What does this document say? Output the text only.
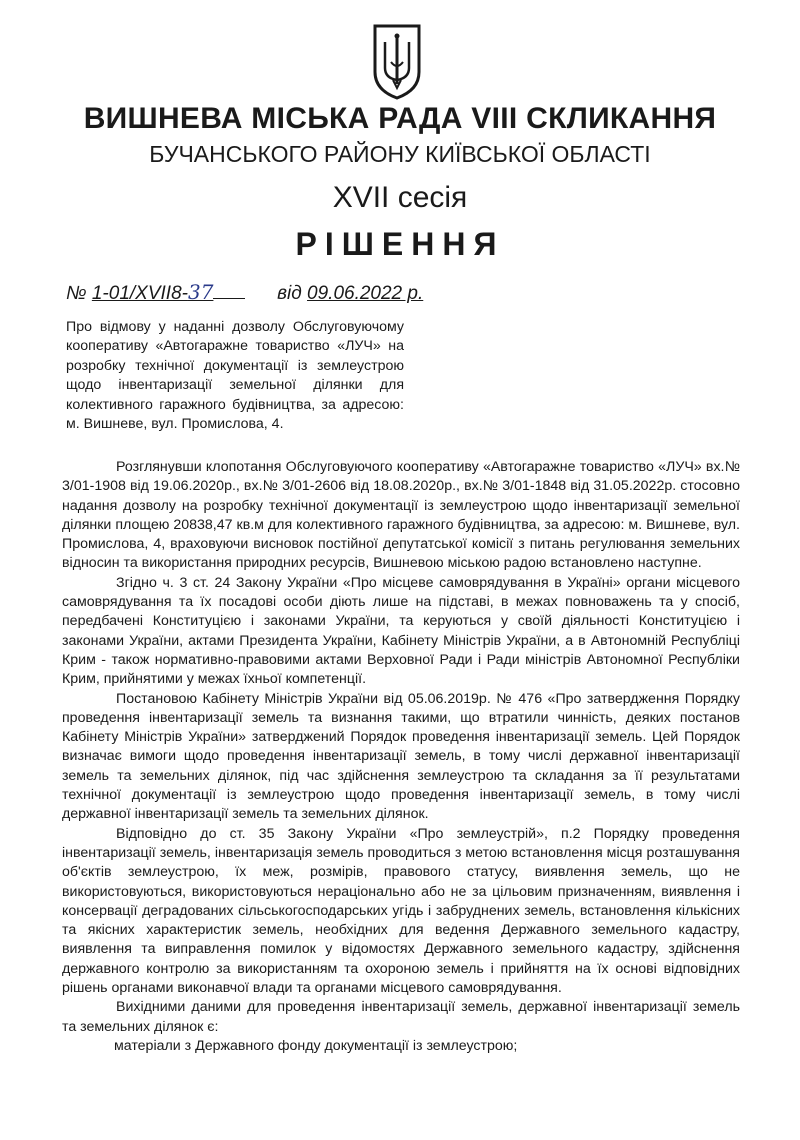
ВИШНЕВА МІСЬКА РАДА VIII СКЛИКАННЯ
БУЧАНСЬКОГО РАЙОНУ КИЇВСЬКОЇ ОБЛАСТІ
XVII сесія
РІШЕННЯ
№ 1-01/XVII8-37	від 09.06.2022 р.
Про відмову у наданні дозволу Обслуговуючому кооперативу «Автогаражне товариство «ЛУЧ» на розробку технічної документації із землеустрою щодо інвентаризації земельної ділянки для колективного гаражного будівництва, за адресою: м. Вишневе, вул. Промислова, 4.

Розглянувши клопотання Обслуговуючого кооперативу «Автогаражне товариство «ЛУЧ» вх.№ 3/01-1908 від 19.06.2020р., вх.№ 3/01-2606 від 18.08.2020р., вх.№ 3/01-1848 від 31.05.2022р. стосовно надання дозволу на розробку технічної документації із землеустрою щодо інвентаризації земельної ділянки площею 20838,47 кв.м для колективного гаражного будівництва, за адресою: м. Вишневе, вул. Промислова, 4, враховуючи висновок постійної депутатської комісії з питань регулювання земельних відносин та використання природних ресурсів, Вишневою міською радою встановлено наступне.

Згідно ч. 3 ст. 24 Закону України «Про місцеве самоврядування в Україні» органи місцевого самоврядування та їх посадові особи діють лише на підставі, в межах повноважень та у спосіб, передбачені Конституцією і законами України, та керуються у своїй діяльності Конституцією і законами України, актами Президента України, Кабінету Міністрів України, а в Автономній Республіці Крим - також нормативно-правовими актами Верховної Ради і Ради міністрів Автономної Республіки Крим, прийнятими у межах їхньої компетенції.

Постановою Кабінету Міністрів України від 05.06.2019р. № 476 «Про затвердження Порядку проведення інвентаризації земель та визнання такими, що втратили чинність, деяких постанов Кабінету Міністрів України» затверджений Порядок проведення інвентаризації земель. Цей Порядок визначає вимоги щодо проведення інвентаризації земель, в тому числі державної інвентаризації земель та земельних ділянок, під час здійснення землеустрою та складання за її результатами технічної документації із землеустрою щодо проведення інвентаризації земель, в тому числі державної інвентаризації земель та земельних ділянок.

Відповідно до ст. 35 Закону України «Про землеустрій», п.2 Порядку проведення інвентаризації земель, інвентаризація земель проводиться з метою встановлення місця розташування об'єктів землеустрою, їх меж, розмірів, правового статусу, виявлення земель, що не використовуються, використовуються нераціонально або не за цільовим призначенням, виявлення і консервації деградованих сільськогосподарських угідь і забруднених земель, встановлення кількісних та якісних характеристик земель, необхідних для ведення Державного земельного кадастру, виявлення та виправлення помилок у відомостях Державного земельного кадастру, здійснення державного контролю за використанням та охороною земель і прийняття на їх основі відповідних рішень органами виконавчої влади та органами місцевого самоврядування.

Вихідними даними для проведення інвентаризації земель, державної інвентаризації земель та земельних ділянок є:

матеріали з Державного фонду документації із землеустрою;
